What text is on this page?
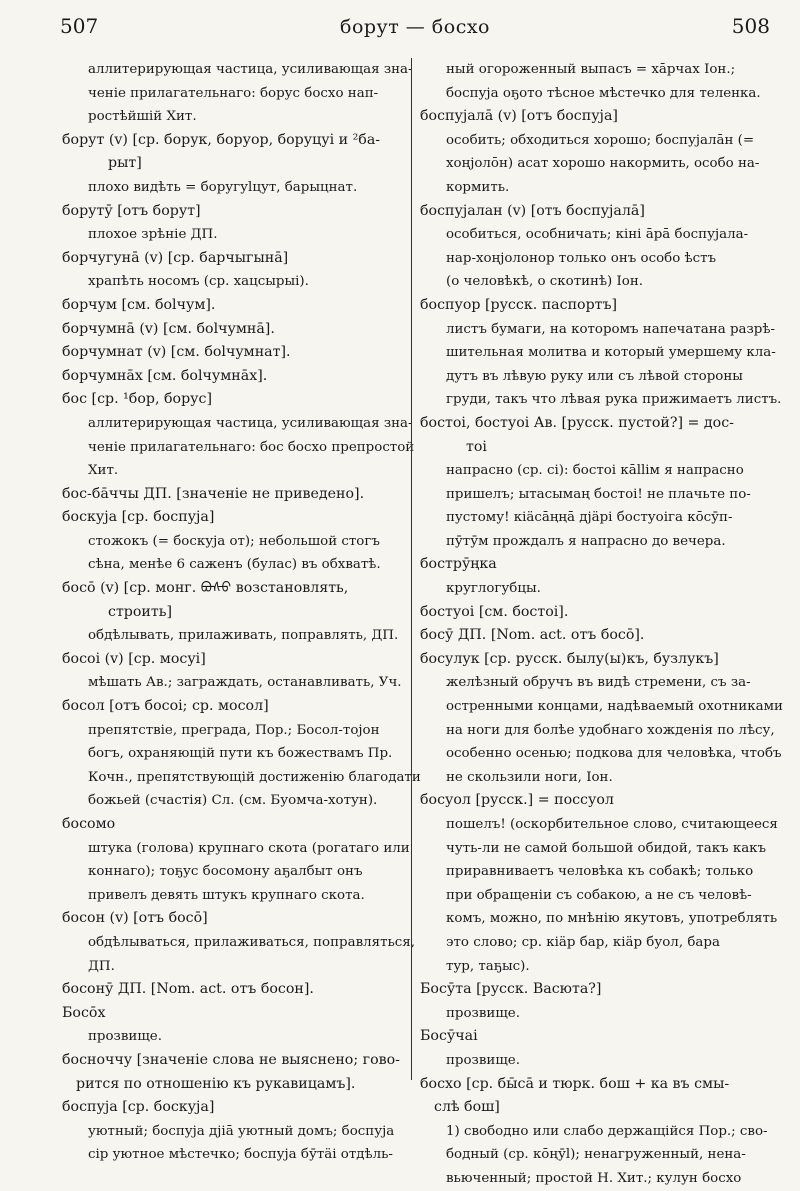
507	борут — босхо	508
аллитерирующая частица, усиливающая зна-
ченіе прилагательнаго: борус босхо нап-
ростѣйшій Хит.
борут (v) [ср. борук, боруор, боруцуі и ²ба-
рыт]
плохо видѣть = боругуlцут, барыцнат.
борутӯ [отъ борут]
плохое зрѣніе ДП.
борчугуна̄ (v) [ср. барчыгына̄]
храпѣть носомъ (ср. хацсырыі).
борчум [см. боlчум].
борчумна̄ (v) [см. боlчумна̄].
борчумнат (v) [см. боlчумнат].
борчумна̄х [см. боlчумна̄х].
бос [ср. ¹бор, борус]
аллитерирующая частица, усиливающая зна-
ченіе прилагательнаго: бос босхо препростой
Хит.
бос-ба̄ччы ДП. [значеніе не приведено].
боскуја [ср. боспуја]
стожокъ (= боскуја от); небольшой стогъ
сѣна, менѣе 6 саженъ (булас) въ обхватѣ.
босо̄ (v) [ср. монг. ᠪᠣᠰᠤ возстановлять,
строить]
обдѣлывать, прилаживать, поправлять, ДП.
босоі (v) [ср. мосуі]
мѣшать Ав.; заграждать, останавливать, Уч.
босол [отъ босоі; ср. мосол]
препятствіе, преграда, Пор.; Босол-тојон
богъ, охраняющій пути къ божествамъ Пр.
Кочн., препятствующій достиженію благодати
божьей (счастія) Сл. (см. Буомча-хотун).
босомо
штука (голова) крупнаго скота (рогатаго или
коннаго); тоҕус босомону аҕалбыт онъ
привелъ девять штукъ крупнаго скота.
босон (v) [отъ босо̄]
обдѣлываться, прилаживаться, поправляться,
ДП.
босонӯ ДП. [Nom. act. отъ босон].
Босо̄х
прозвище.
босноччу [значеніе слова не выяснено; гово-
рится по отношенію къ рукавицамъ].
боспуја [ср. боскуја]
уютный; боспуја дјіа̄ уютный домъ; боспуја
сір уютное мѣстечко; боспуја бӯтäі отдѣль-
ный огороженный выпасъ = ха̄рчах Іон.;
боспуја оҕото тѣсное мѣстечко для теленка.
боспујала̄ (v) [отъ боспуја]
особить; обходиться хорошо; боспујала̄н (=
хоңјоло̄н) асат хорошо накормить, особо на-
кормить.
боспујалан (v) [отъ боспујала̄]
особиться, особничать; кіні а̄ра̄ боспујала-
нар-хоңјолонор только онъ особо ѣстъ
(о человѣкѣ, о скотинѣ) Іон.
боспуор [русск. паспортъ]
листъ бумаги, на которомъ напечатана разрѣ-
шительная молитва и который умершему кла-
дутъ въ лѣвую руку или съ лѣвой стороны
груди, такъ что лѣвая рука прижимаетъ листъ.
бостоі, бостуоі Ав. [русск. пустой?] = дос-
тоі
напрасно (ср. сі): бостоі ка̄llім я напрасно
пришелъ; ытасымаң бостоі! не плачьте по-
пустому! кіäса̄ңңа̄ дјäрі бостуоіга ко̄сӯп-
пӯтӯм прождалъ я напрасно до вечера.
бострӯңка
круглогубцы.
бостуоі [см. бостоі].
босӯ ДП. [Nom. act. отъ босо̄].
босулук [ср. русск. былу(ы)къ, бузлукъ]
желѣзный обручъ въ видѣ стремени, съ за-
остренными концами, надѣваемый охотниками
на ноги для болѣе удобнаго хожденія по лѣсу,
особенно осенью; подкова для человѣка, чтобъ
не скользили ноги, Іон.
босуол [русск.] = поссуол
пошелъ! (оскорбительное слово, считающееся
чуть-ли не самой большой обидой, такъ какъ
приравниваетъ человѣка къ собакѣ; только
при обращеніи съ собакою, а не съ человѣ-
комъ, можно, по мнѣнію якутовъ, употреблять
это слово; ср. кіäр бар, кіäр буол, бара
тур, таҕыс).
Босӯта [русск. Васюта?]
прозвище.
Босӯчаі
прозвище.
босхо [ср. бы̄са̄ и тюрк. бош + ка въ смы-
слѣ бош]
1) свободно или слабо держащійся Пор.; сво-
бодный (ср. ко̄ңӯl); ненагруженный, нена-
вьюченный; простой Н. Хит.; кулун босхо
